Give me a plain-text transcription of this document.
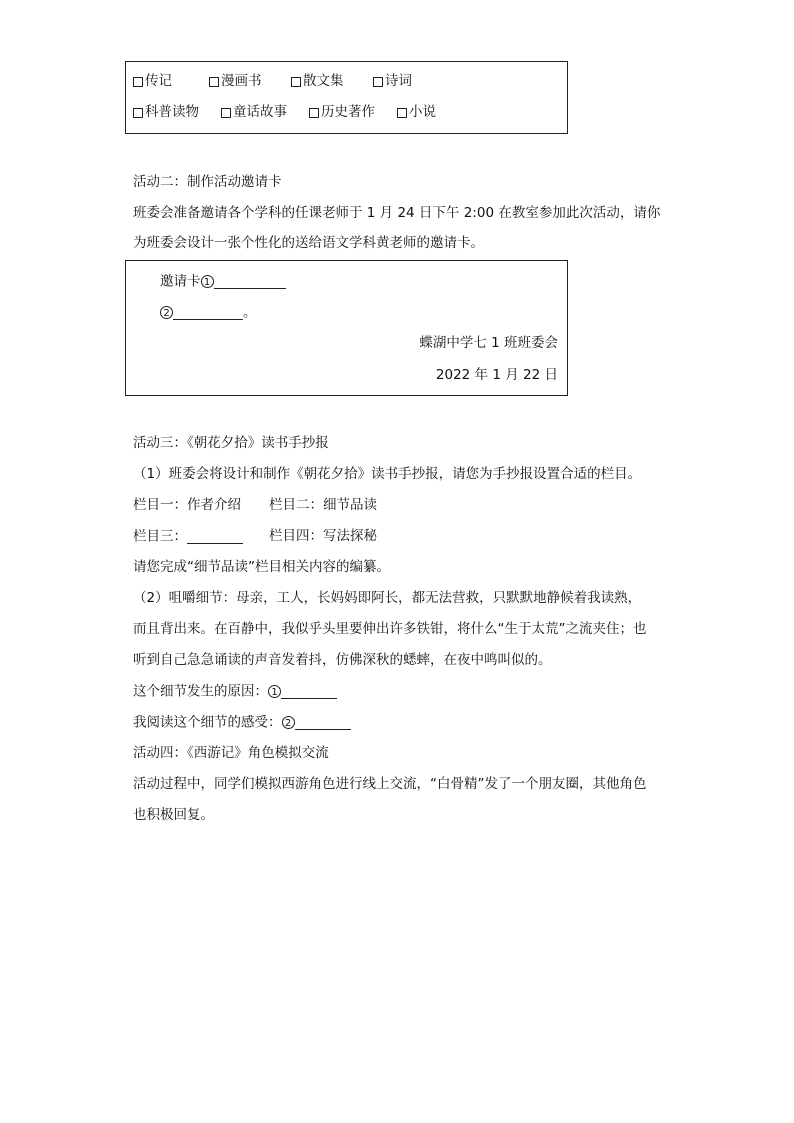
传记	漫画书	散文集	诗词
科普读物	童话故事	历史著作	小说
活动二：制作活动邀请卡
班委会准备邀请各个学科的任课老师于 1 月 24 日下午 2:00 在教室参加此次活动，请你
为班委会设计一张个性化的送给语文学科黄老师的邀请卡。
邀请卡 1
2	。
蝶湖中学七 1 班班委会
2022 年 1 月 22 日
活动三：《朝花夕拾》读书手抄报
（1）班委会将设计和制作《朝花夕拾》读书手抄报，请您为手抄报设置合适的栏目。
栏目一：作者介绍 栏目二：细节品读
栏目三：	栏目四：写法探秘
请您完成“细节品读”栏目相关内容的编纂。
（2）咀嚼细节：母亲，工人，长妈妈即阿长，都无法营救，只默默地静候着我读熟，
而且背出来。在百静中，我似乎头里要伸出许多铁钳，将什么“生于太荒”之流夹住；也
听到自己急急诵读的声音发着抖，仿佛深秋的蟋蟀，在夜中鸣叫似的。
这个细节发生的原因： 1
我阅读这个细节的感受： 2
活动四：《西游记》角色模拟交流
活动过程中，同学们模拟西游角色进行线上交流，“白骨精”发了一个朋友圈，其他角色
也积极回复。
